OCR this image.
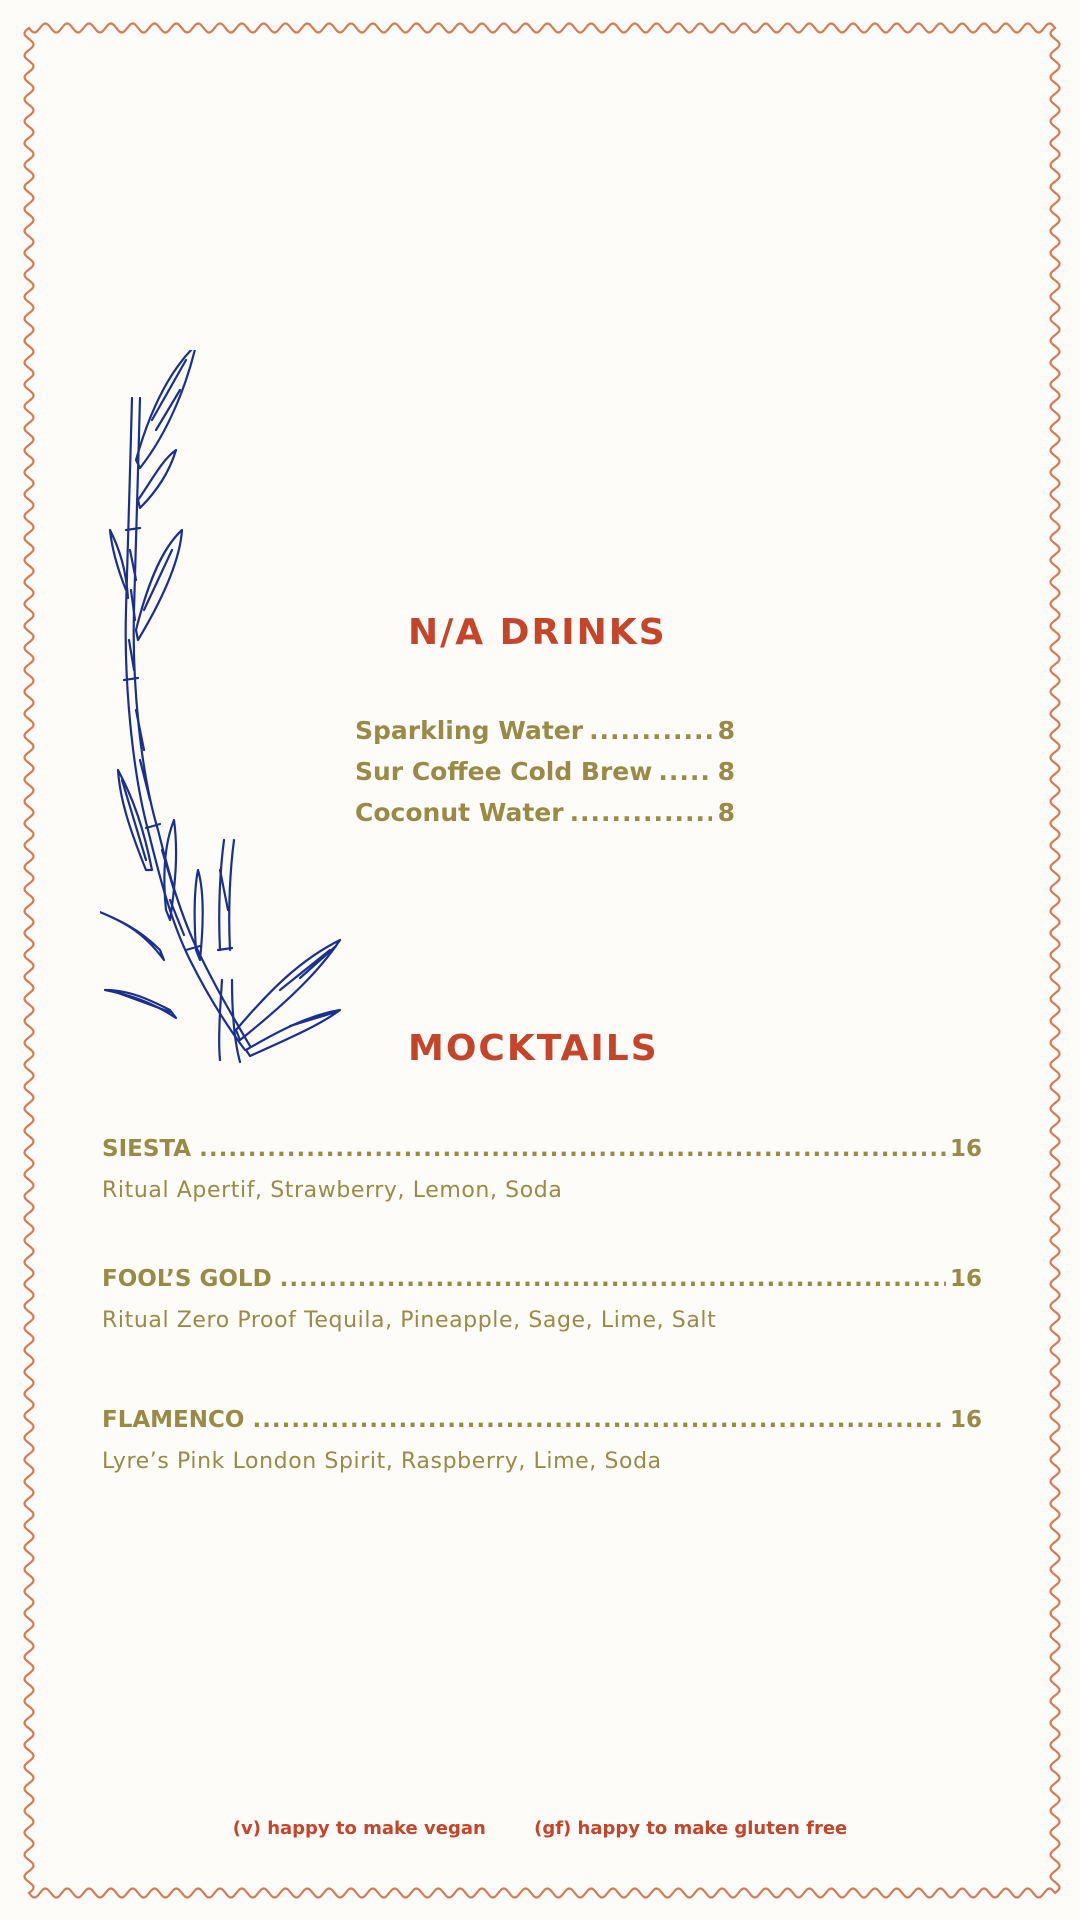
N/A DRINKS
Sparkling Water .....	8
Sur Coffee Cold Brew .....	8
Coconut Water .....	8
MOCKTAILS
SIESTA .....	16
Ritual Apertif, Strawberry, Lemon, Soda
FOOL’S GOLD .....	16
Ritual Zero Proof Tequila, Pineapple, Sage, Lime, Salt
FLAMENCO .....	16
Lyre’s Pink London Spirit, Raspberry, Lime, Soda
(v) happy to make vegan	(gf) happy to make gluten free
